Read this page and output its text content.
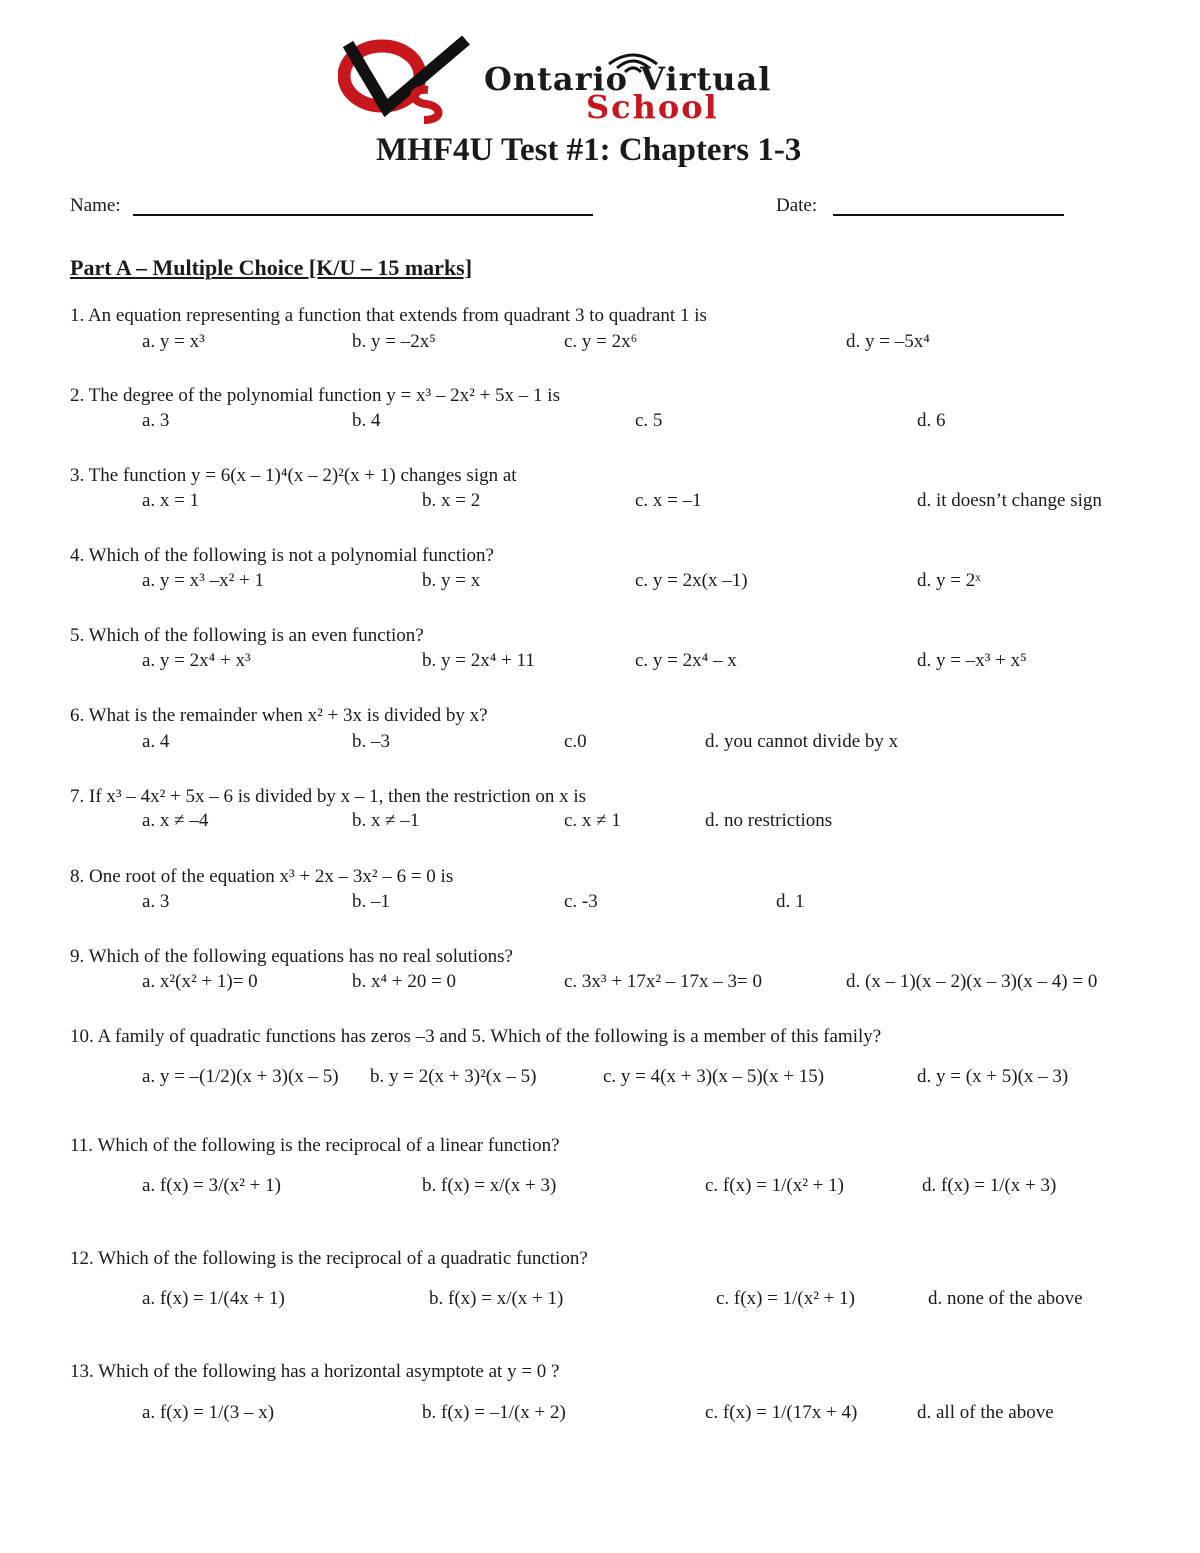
Ontario Virtual
School
MHF4U Test #1: Chapters 1-3
Name:	Date:
Part A – Multiple Choice [K/U – 15 marks]
1. An equation representing a function that extends from quadrant 3 to quadrant 1 is
a. y = x³	b. y = –2x⁵	c. y = 2x⁶	d. y = –5x⁴
2. The degree of the polynomial function y = x³ – 2x² + 5x – 1 is
a. 3	b. 4	c. 5	d. 6
3. The function y = 6(x – 1)⁴(x – 2)²(x + 1) changes sign at
a. x = 1	b. x = 2	c. x = –1	d. it doesn’t change sign
4. Which of the following is not a polynomial function?
a. y = x³ –x² + 1	b. y = x	c. y = 2x(x –1)	d. y = 2ˣ
5. Which of the following is an even function?
a. y = 2x⁴ + x³	b. y = 2x⁴ + 11	c. y = 2x⁴ – x	d. y = –x³ + x⁵
6. What is the remainder when x² + 3x is divided by x?
a. 4	b. –3	c.0	d. you cannot divide by x
7. If x³ – 4x² + 5x – 6 is divided by x – 1, then the restriction on x is
a. x ≠ –4	b. x ≠ –1	c. x ≠ 1	d. no restrictions
8. One root of the equation x³ + 2x – 3x² – 6 = 0 is
a. 3	b. –1	c. -3	d. 1
9. Which of the following equations has no real solutions?
a. x²(x² + 1)= 0	b. x⁴ + 20 = 0	c. 3x³ + 17x² – 17x – 3= 0	d. (x – 1)(x – 2)(x – 3)(x – 4) = 0
10. A family of quadratic functions has zeros –3 and 5. Which of the following is a member of this family?
a. y = –(1/2)(x + 3)(x – 5) b. y = 2(x + 3)²(x – 5)	c. y = 4(x + 3)(x – 5)(x + 15)	d. y = (x + 5)(x – 3)
11. Which of the following is the reciprocal of a linear function?
a. f(x) = 3/(x² + 1)	b. f(x) = x/(x + 3)	c. f(x) = 1/(x² + 1)	d. f(x) = 1/(x + 3)
12. Which of the following is the reciprocal of a quadratic function?
a. f(x) = 1/(4x + 1)	b. f(x) = x/(x + 1)	c. f(x) = 1/(x² + 1)	d. none of the above
13. Which of the following has a horizontal asymptote at y = 0 ?
a. f(x) = 1/(3 – x)	b. f(x) = –1/(x + 2)	c. f(x) = 1/(17x + 4)	d. all of the above
